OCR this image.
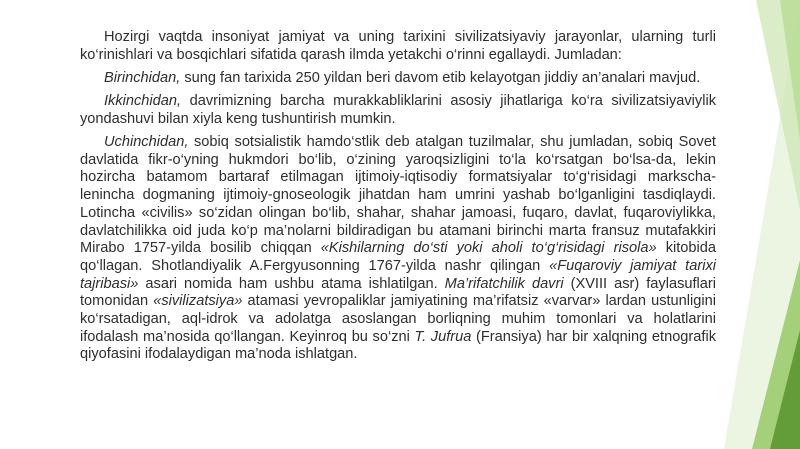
Hozirgi vaqtda insoniyat jamiyat va uning tarixini sivilizatsiyaviy jarayonlar, ularning turli ko‘rinishlari va bosqichlari sifatida qarash ilmda yetakchi o‘rinni egallaydi. Jumladan:

Birinchidan, sung fan tarixida 250 yildan beri davom etib kelayotgan jiddiy an’analari mavjud.

Ikkinchidan, davrimizning barcha murakkabliklarini asosiy jihatlariga ko‘ra sivilizatsiyaviylik yondashuvi bilan xiyla keng tushuntirish mumkin.

Uchinchidan, sobiq sotsialistik hamdo‘stlik deb atalgan tuzilmalar, shu jumladan, sobiq Sovet davlatida fikr-o‘yning hukmdori bo‘lib, o‘zining yaroqsizligini to‘la ko‘rsatgan bo‘lsa-da, lekin hozircha batamom bartaraf etilmagan ijtimoiy-iqtisodiy formatsiyalar to‘g‘risidagi markscha-lenincha dogmaning ijtimoiy-gnoseologik jihatdan ham umrini yashab bo‘lganligini tasdiqlaydi. Lotincha «civilis» so‘zidan olingan bo‘lib, shahar, shahar jamoasi, fuqaro, davlat, fuqaroviylikka, davlatchilikka oid juda ko‘p ma’nolarni bildiradigan bu atamani birinchi marta fransuz mutafakkiri Mirabo 1757-yilda bosilib chiqqan «Kishilarning do‘sti yoki aholi to‘g‘risidagi risola» kitobida qo‘llagan. Shotlandiyalik A.Fergyusonning 1767-yilda nashr qilingan «Fuqaroviy jamiyat tarixi tajribasi» asari nomida ham ushbu atama ishlatilgan. Ma’rifatchilik davri (XVIII asr) faylasuflari tomonidan «sivilizatsiya» atamasi yevropaliklar jamiyatining ma’rifatsiz «varvar» lardan ustunligini ko‘rsatadigan, aql-idrok va adolatga asoslangan borliqning muhim tomonlari va holatlarini ifodalash ma’nosida qo‘llangan. Keyinroq bu so‘zni T. Jufrua (Fransiya) har bir xalqning etnografik qiyofasini ifodalaydigan ma’noda ishlatgan.
